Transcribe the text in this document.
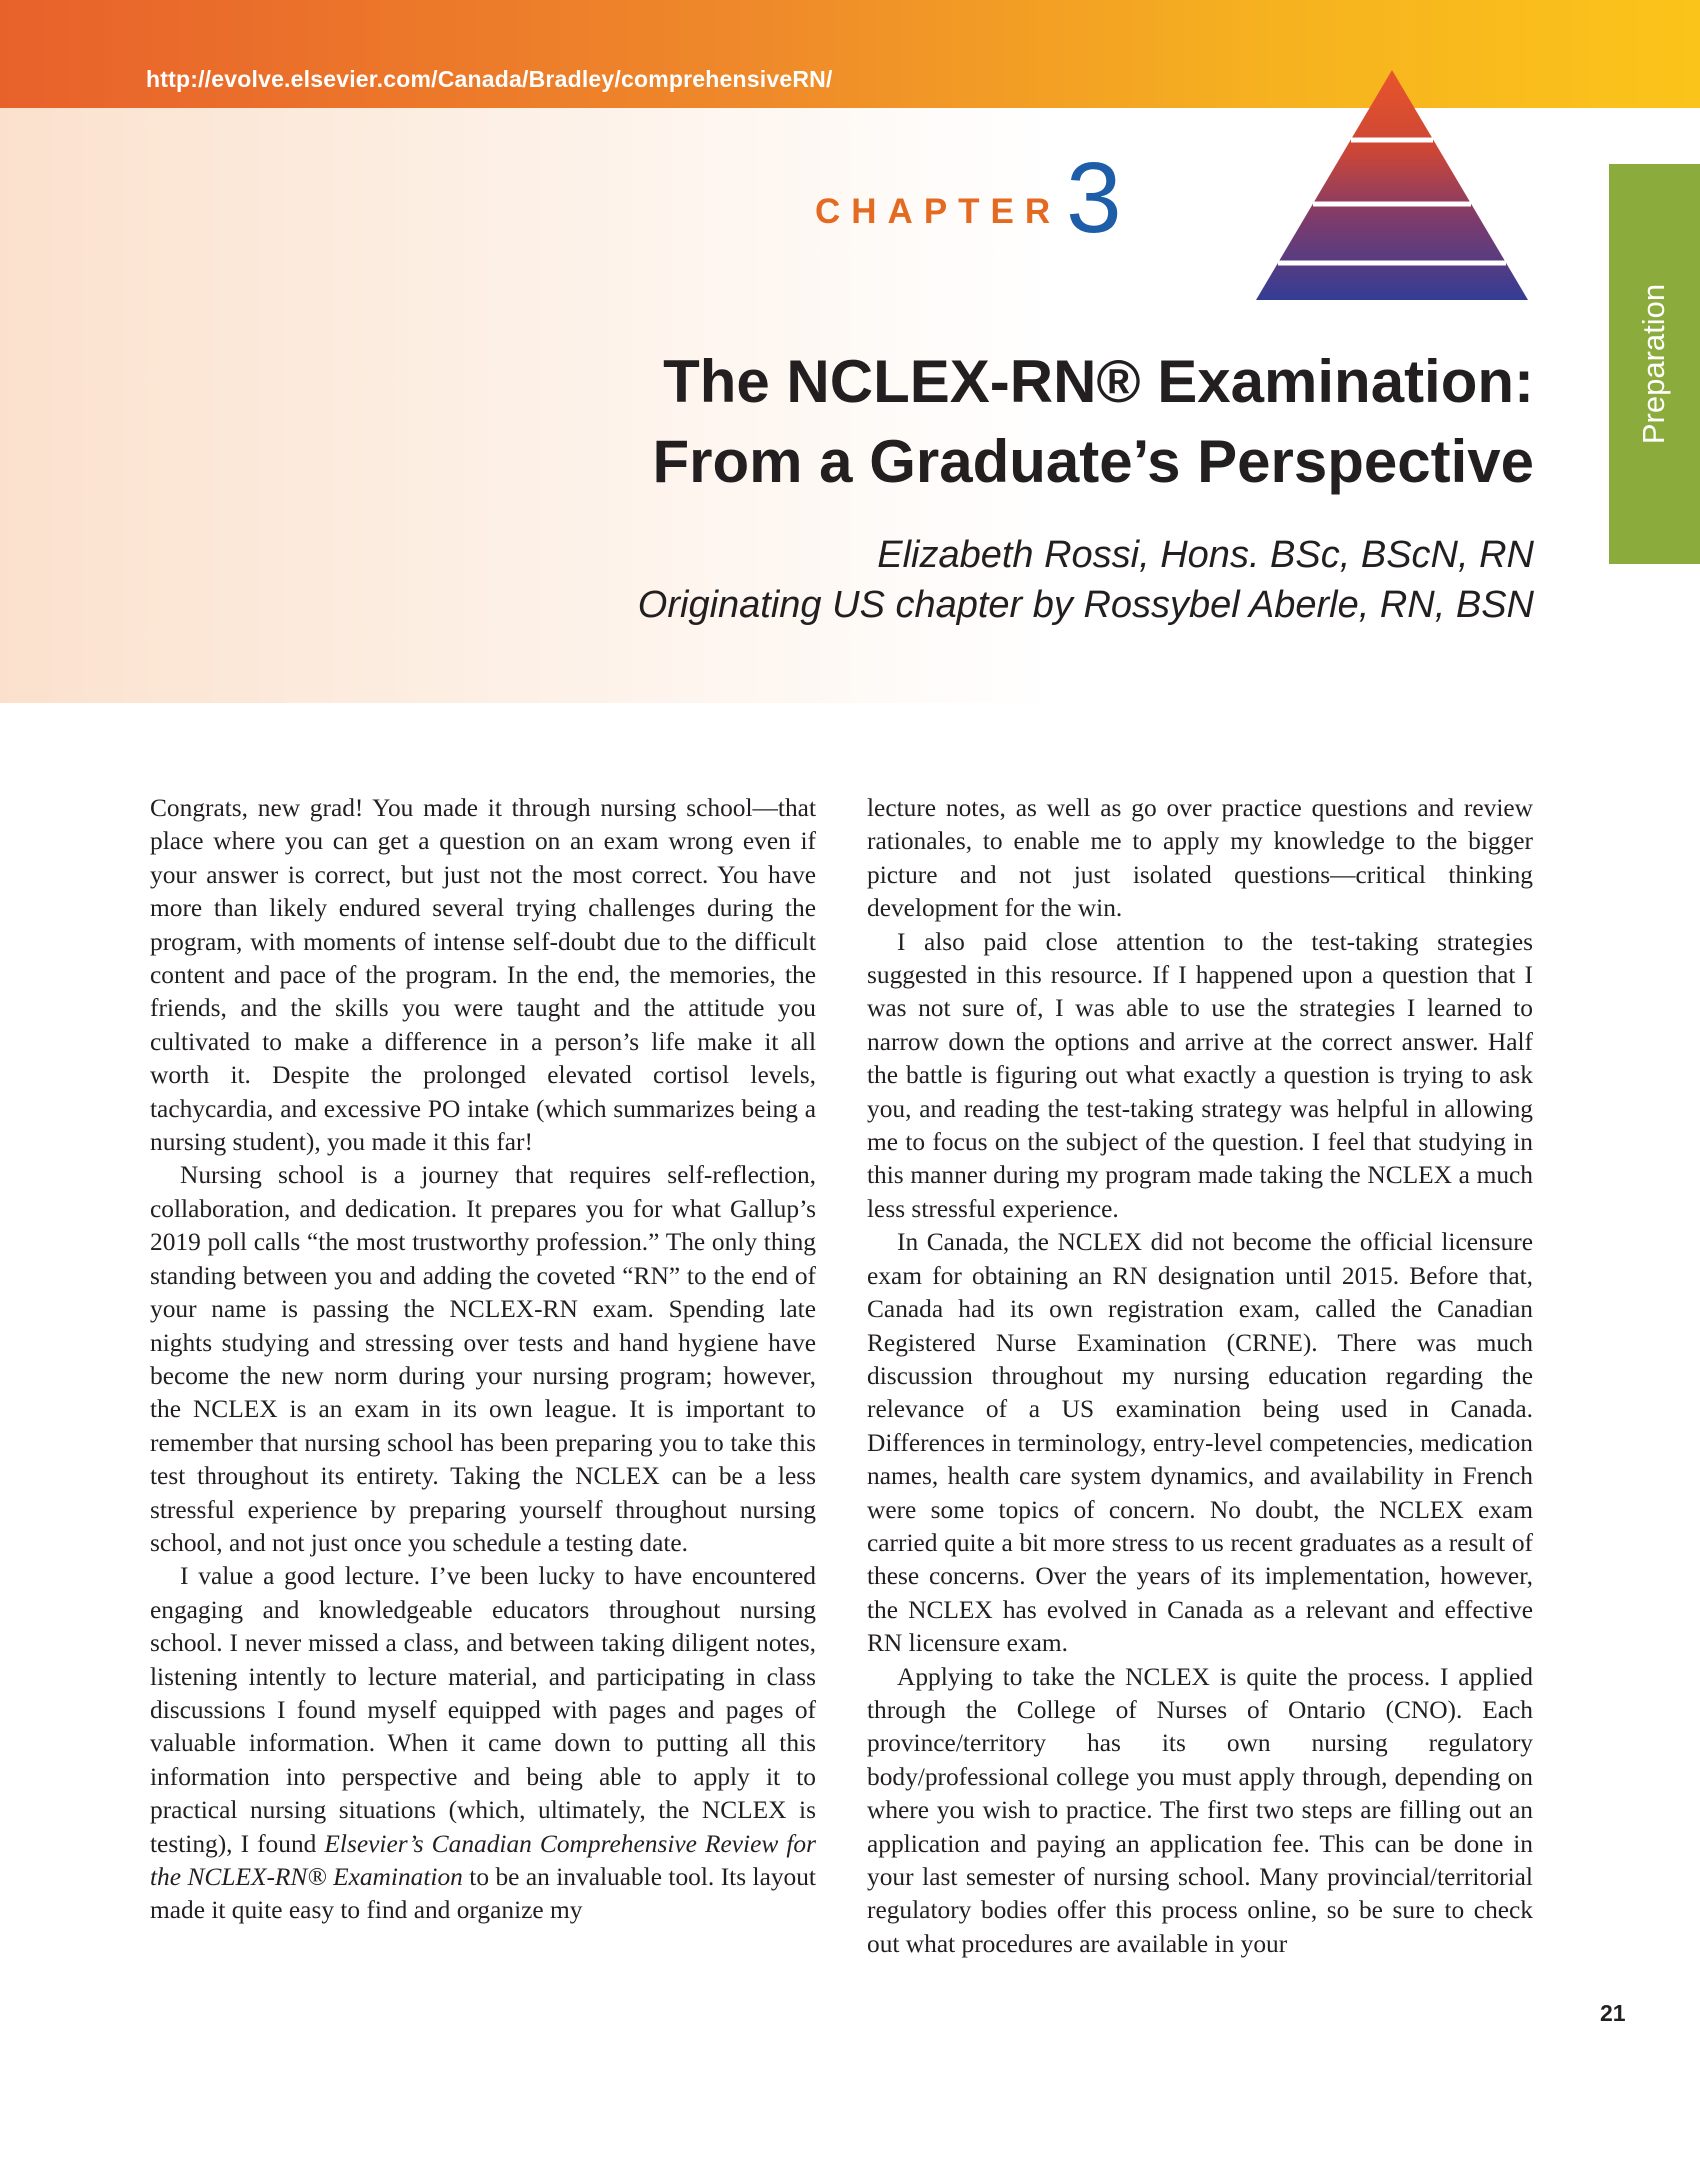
http://evolve.elsevier.com/Canada/Bradley/comprehensiveRN/
CHAPTER 3
Preparation
The NCLEX-RN® Examination:
From a Graduate’s Perspective
Elizabeth Rossi, Hons. BSc, BScN, RN
Originating US chapter by Rossybel Aberle, RN, BSN

Congrats, new grad! You made it through nursing school—that place where you can get a question on an exam wrong even if your answer is correct, but just not the most correct. You have more than likely endured several trying challenges during the program, with moments of intense self-doubt due to the difficult content and pace of the program. In the end, the memories, the friends, and the skills you were taught and the attitude you cultivated to make a difference in a person’s life make it all worth it. Despite the prolonged elevated cortisol levels, tachycardia, and excessive PO intake (which summarizes being a nursing student), you made it this far!

Nursing school is a journey that requires self-reflection, collaboration, and dedication. It prepares you for what Gallup’s 2019 poll calls “the most trustworthy profession.” The only thing standing between you and adding the coveted “RN” to the end of your name is passing the NCLEX-RN exam. Spending late nights studying and stressing over tests and hand hygiene have become the new norm during your nursing program; however, the NCLEX is an exam in its own league. It is important to remember that nursing school has been preparing you to take this test throughout its entirety. Taking the NCLEX can be a less stressful experience by preparing yourself throughout nursing school, and not just once you schedule a testing date.

I value a good lecture. I’ve been lucky to have encountered engaging and knowledgeable educators throughout nursing school. I never missed a class, and between taking diligent notes, listening intently to lecture material, and participating in class discussions I found myself equipped with pages and pages of valuable information. When it came down to putting all this information into perspective and being able to apply it to practical nursing situations (which, ultimately, the NCLEX is testing), I found Elsevier’s Canadian Comprehensive Review for the NCLEX-RN® Examination to be an invaluable tool. Its layout made it quite easy to find and organize my

lecture notes, as well as go over practice questions and review rationales, to enable me to apply my knowledge to the bigger picture and not just isolated questions—critical thinking development for the win.

I also paid close attention to the test-taking strategies suggested in this resource. If I happened upon a question that I was not sure of, I was able to use the strategies I learned to narrow down the options and arrive at the correct answer. Half the battle is figuring out what exactly a question is trying to ask you, and reading the test-taking strategy was helpful in allowing me to focus on the subject of the question. I feel that studying in this manner during my program made taking the NCLEX a much less stressful experience.

In Canada, the NCLEX did not become the official licensure exam for obtaining an RN designation until 2015. Before that, Canada had its own registration exam, called the Canadian Registered Nurse Examination (CRNE). There was much discussion throughout my nursing education regarding the relevance of a US examination being used in Canada. Differences in terminology, entry-level competencies, medication names, health care system dynamics, and availability in French were some topics of concern. No doubt, the NCLEX exam carried quite a bit more stress to us recent graduates as a result of these concerns. Over the years of its implementation, however, the NCLEX has evolved in Canada as a relevant and effective RN licensure exam.

Applying to take the NCLEX is quite the process. I applied through the College of Nurses of Ontario (CNO). Each province/territory has its own nursing regulatory body/professional college you must apply through, depending on where you wish to practice. The first two steps are filling out an application and paying an application fee. This can be done in your last semester of nursing school. Many provincial/territorial regulatory bodies offer this process online, so be sure to check out what procedures are available in your

21
